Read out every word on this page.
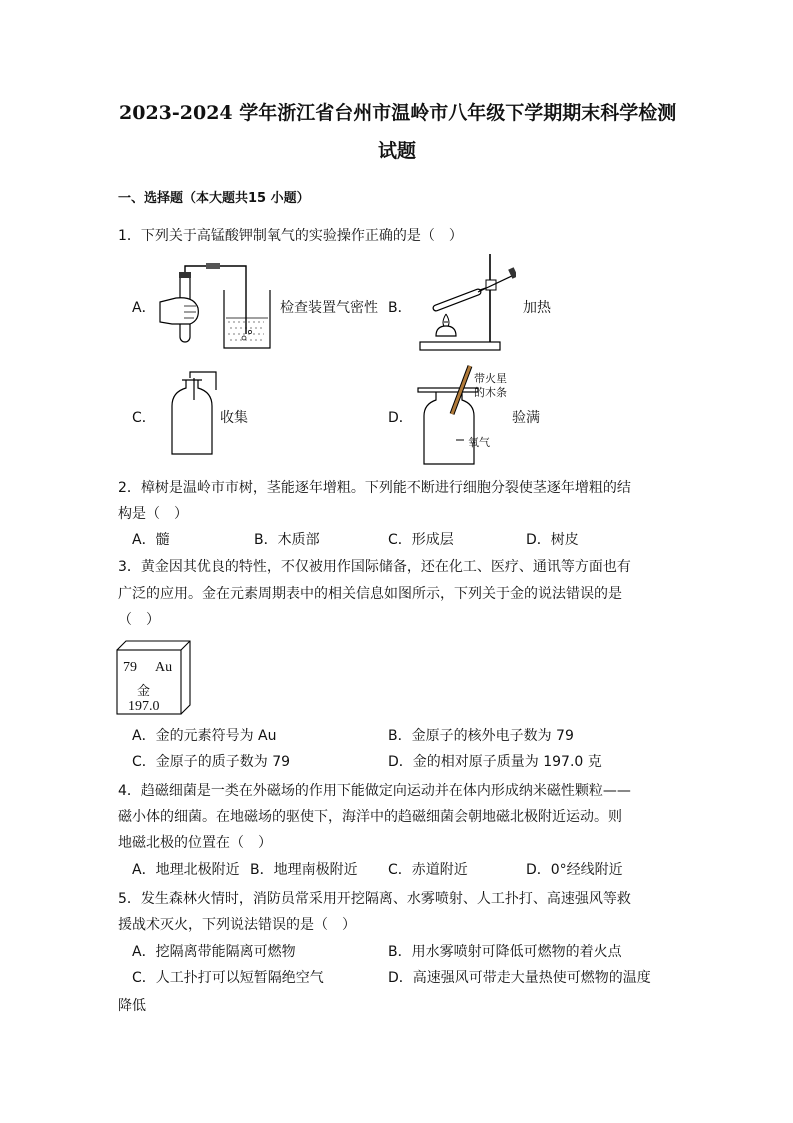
2023-2024 学年浙江省台州市温岭市八年级下学期期末科学检测
试题
一、选择题（本大题共15 小题）
1．下列关于高锰酸钾制氧气的实验操作正确的是（　）
A．	检查装置气密性 B．	加热
C．	收集	D．
带火星
的木条
氧气
验满
2．樟树是温岭市市树，茎能逐年增粗。下列能不断进行细胞分裂使茎逐年增粗的结
构是（　）
A．髓	B．木质部	C．形成层	D．树皮
3．黄金因其优良的特性，不仅被用作国际储备，还在化工、医疗、通讯等方面也有
广泛的应用。金在元素周期表中的相关信息如图所示，下列关于金的说法错误的是
（　）
79 Au
金
197.0
A．金的元素符号为 Au	B．金原子的核外电子数为 79
C．金原子的质子数为 79	D．金的相对原子质量为 197.0 克
4．趋磁细菌是一类在外磁场的作用下能做定向运动并在体内形成纳米磁性颗粒——
磁小体的细菌。在地磁场的驱使下，海洋中的趋磁细菌会朝地磁北极附近运动。则
地磁北极的位置在（　）
A．地理北极附近 B．地理南极附近 C．赤道附近	D．0°经线附近
5．发生森林火情时，消防员常采用开挖隔离、水雾喷射、人工扑打、高速强风等救
援战术灭火，下列说法错误的是（　）
A．挖隔离带能隔离可燃物	B．用水雾喷射可降低可燃物的着火点
C．人工扑打可以短暂隔绝空气	D．高速强风可带走大量热使可燃物的温度
降低
